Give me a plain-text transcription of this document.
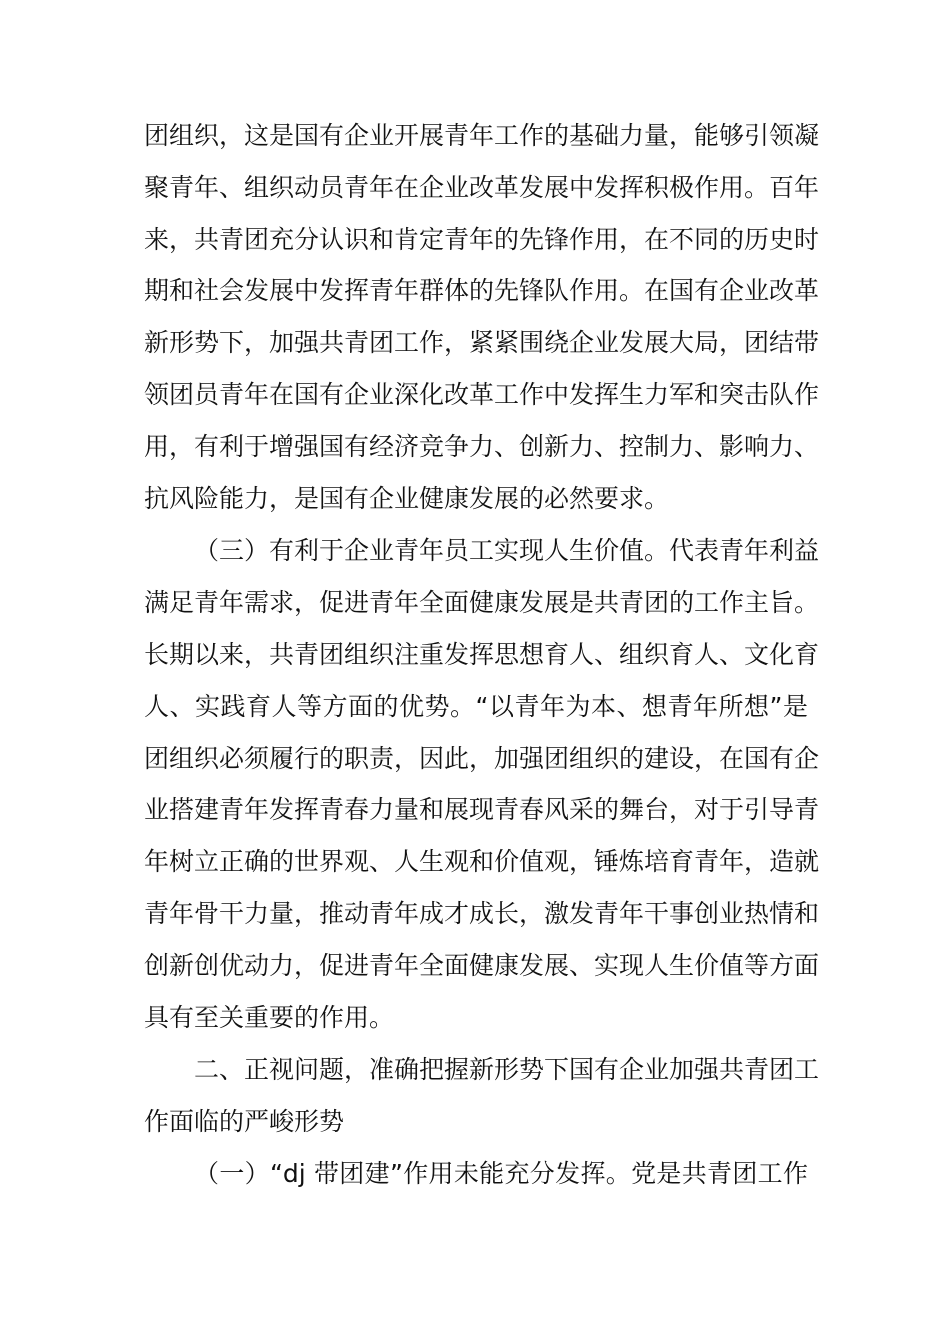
团组织，这是国有企业开展青年工作的基础力量，能够引领凝
聚青年、组织动员青年在企业改革发展中发挥积极作用。百年
来，共青团充分认识和肯定青年的先锋作用，在不同的历史时
期和社会发展中发挥青年群体的先锋队作用。在国有企业改革
新形势下，加强共青团工作，紧紧围绕企业发展大局，团结带
领团员青年在国有企业深化改革工作中发挥生力军和突击队作
用，有利于增强国有经济竞争力、创新力、控制力、影响力、
抗风险能力，是国有企业健康发展的必然要求。
（三）有利于企业青年员工实现人生价值。代表青年利益
满足青年需求，促进青年全面健康发展是共青团的工作主旨。
长期以来，共青团组织注重发挥思想育人、组织育人、文化育
人、实践育人等方面的优势。“以青年为本、想青年所想”是
团组织必须履行的职责，因此，加强团组织的建设，在国有企
业搭建青年发挥青春力量和展现青春风采的舞台，对于引导青
年树立正确的世界观、人生观和价值观，锤炼培育青年，造就
青年骨干力量，推动青年成才成长，激发青年干事创业热情和
创新创优动力，促进青年全面健康发展、实现人生价值等方面
具有至关重要的作用。
二、正视问题，准确把握新形势下国有企业加强共青团工
作面临的严峻形势
（一）“dj 带团建”作用未能充分发挥。党是共青团工作
